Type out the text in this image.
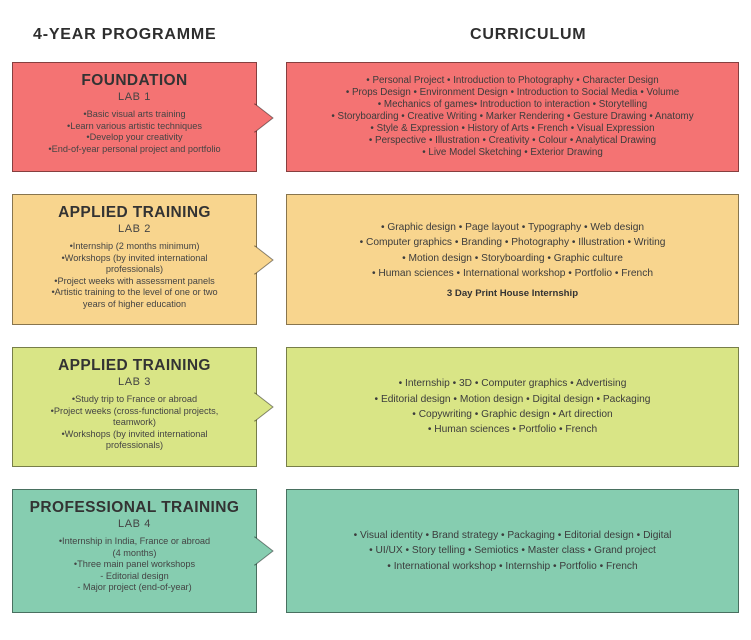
4-YEAR PROGRAMME	CURRICULUM
FOUNDATION
LAB 1
•Basic visual arts training
•Learn various artistic techniques
•Develop your creativity
•End-of-year personal project and portfolio
• Personal Project • Introduction to Photography • Character Design
• Props Design • Environment Design • Introduction to Social Media • Volume
• Mechanics of games• Introduction to interaction • Storytelling
• Storyboarding • Creative Writing • Marker Rendering • Gesture Drawing • Anatomy
• Style & Expression • History of Arts • French • Visual Expression
• Perspective • Illustration • Creativity • Colour • Analytical Drawing
• Live Model Sketching • Exterior Drawing
APPLIED TRAINING
LAB 2
•Internship (2 months minimum)
•Workshops (by invited international
professionals)
•Project weeks with assessment panels
•Artistic training to the level of one or two
years of higher education
• Graphic design • Page layout • Typography • Web design
• Computer graphics • Branding • Photography • Illustration • Writing
• Motion design • Storyboarding • Graphic culture
• Human sciences • International workshop • Portfolio • French
3 Day Print House Internship
APPLIED TRAINING
LAB 3
•Study trip to France or abroad
•Project weeks (cross-functional projects,
teamwork)
•Workshops (by invited international
professionals)
• Internship • 3D • Computer graphics • Advertising
• Editorial design • Motion design • Digital design • Packaging
• Copywriting • Graphic design • Art direction
• Human sciences • Portfolio • French
PROFESSIONAL TRAINING
LAB 4
•Internship in India, France or abroad
(4 months)
•Three main panel workshops
- Editorial design
- Major project (end-of-year)
• Visual identity • Brand strategy • Packaging • Editorial design • Digital
• UI/UX • Story telling • Semiotics • Master class • Grand project
• International workshop • Internship • Portfolio • French
